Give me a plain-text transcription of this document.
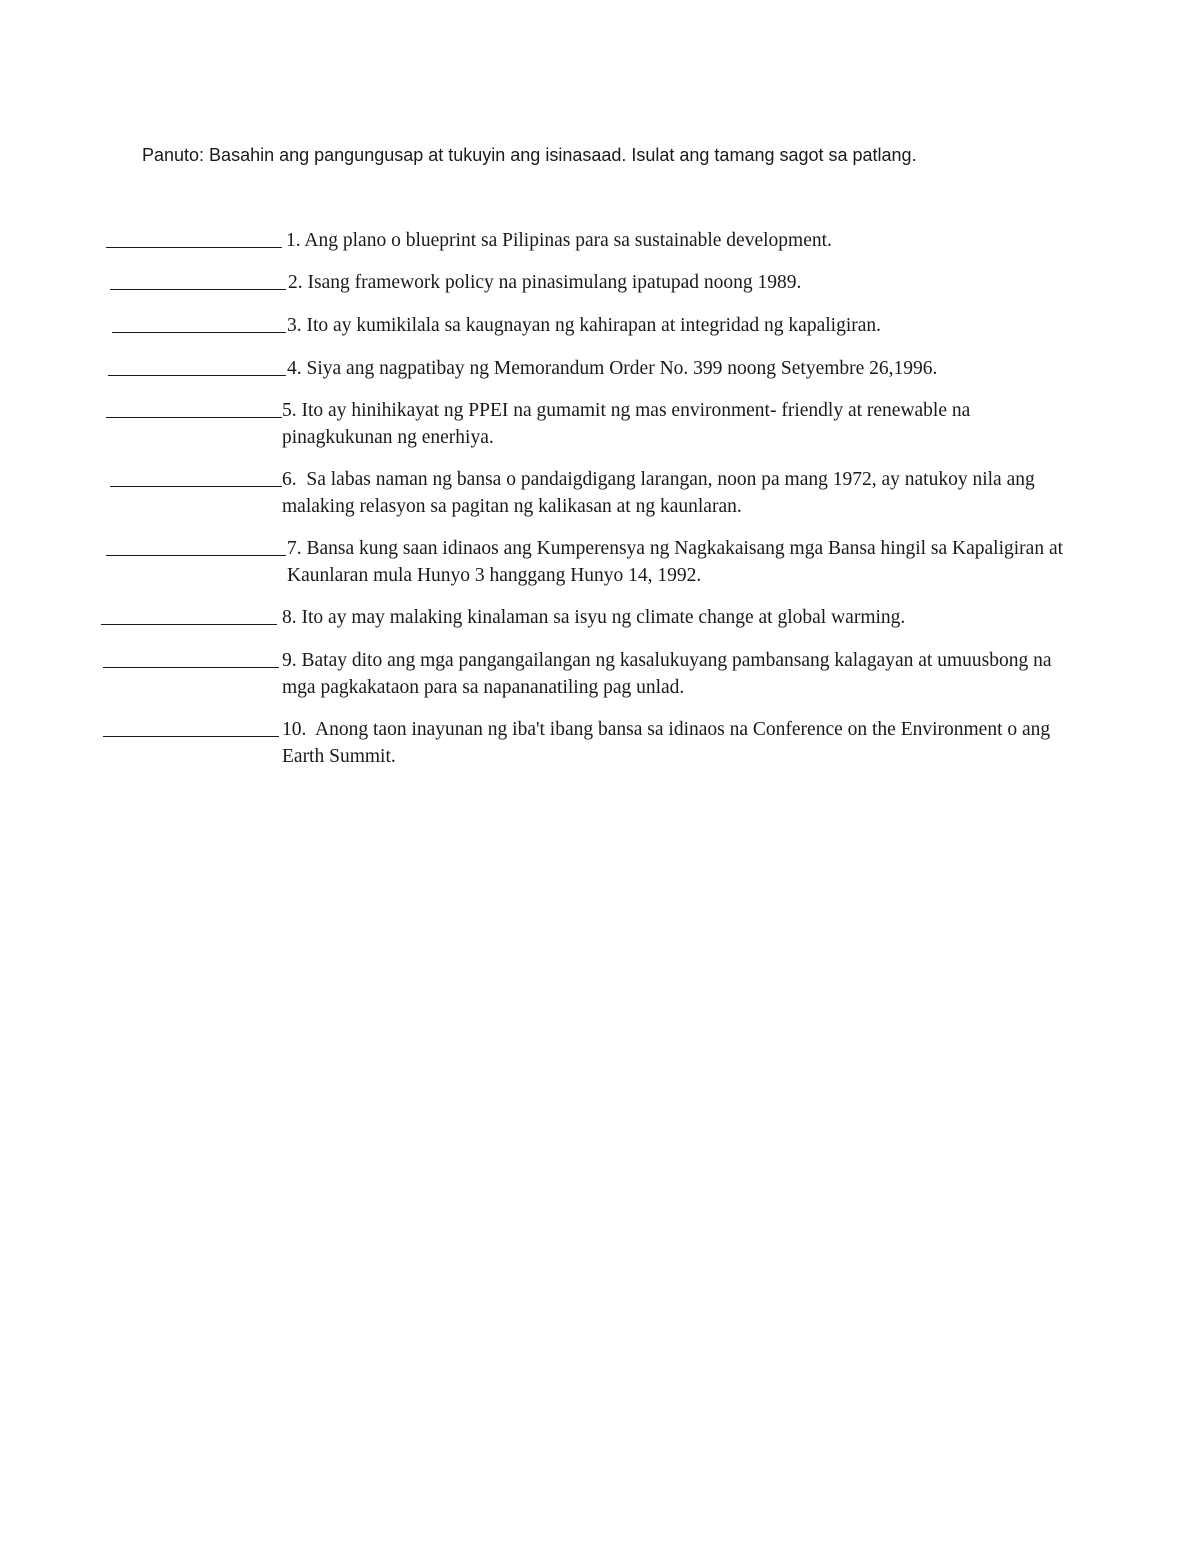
Panuto: Basahin ang pangungusap at tukuyin ang isinasaad. Isulat ang tamang sagot sa patlang.
1. Ang plano o blueprint sa Pilipinas para sa sustainable development.
2. Isang framework policy na pinasimulang ipatupad noong 1989.
3. Ito ay kumikilala sa kaugnayan ng kahirapan at integridad ng kapaligiran.
4. Siya ang nagpatibay ng Memorandum Order No. 399 noong Setyembre 26,1996.
5. Ito ay hinihikayat ng PPEI na gumamit ng mas environment- friendly at renewable na pinagkukunan ng enerhiya.
6.  Sa labas naman ng bansa o pandaigdigang larangan, noon pa mang 1972, ay natukoy nila ang malaking relasyon sa pagitan ng kalikasan at ng kaunlaran.
7. Bansa kung saan idinaos ang Kumperensya ng Nagkakaisang mga Bansa hingil sa Kapaligiran at Kaunlaran mula Hunyo 3 hanggang Hunyo 14, 1992.
8. Ito ay may malaking kinalaman sa isyu ng climate change at global warming.
9. Batay dito ang mga pangangailangan ng kasalukuyang pambansang kalagayan at umuusbong na mga pagkakataon para sa napananatiling pag unlad.
10.  Anong taon inayunan ng iba't ibang bansa sa idinaos na Conference on the Environment o ang Earth Summit.
